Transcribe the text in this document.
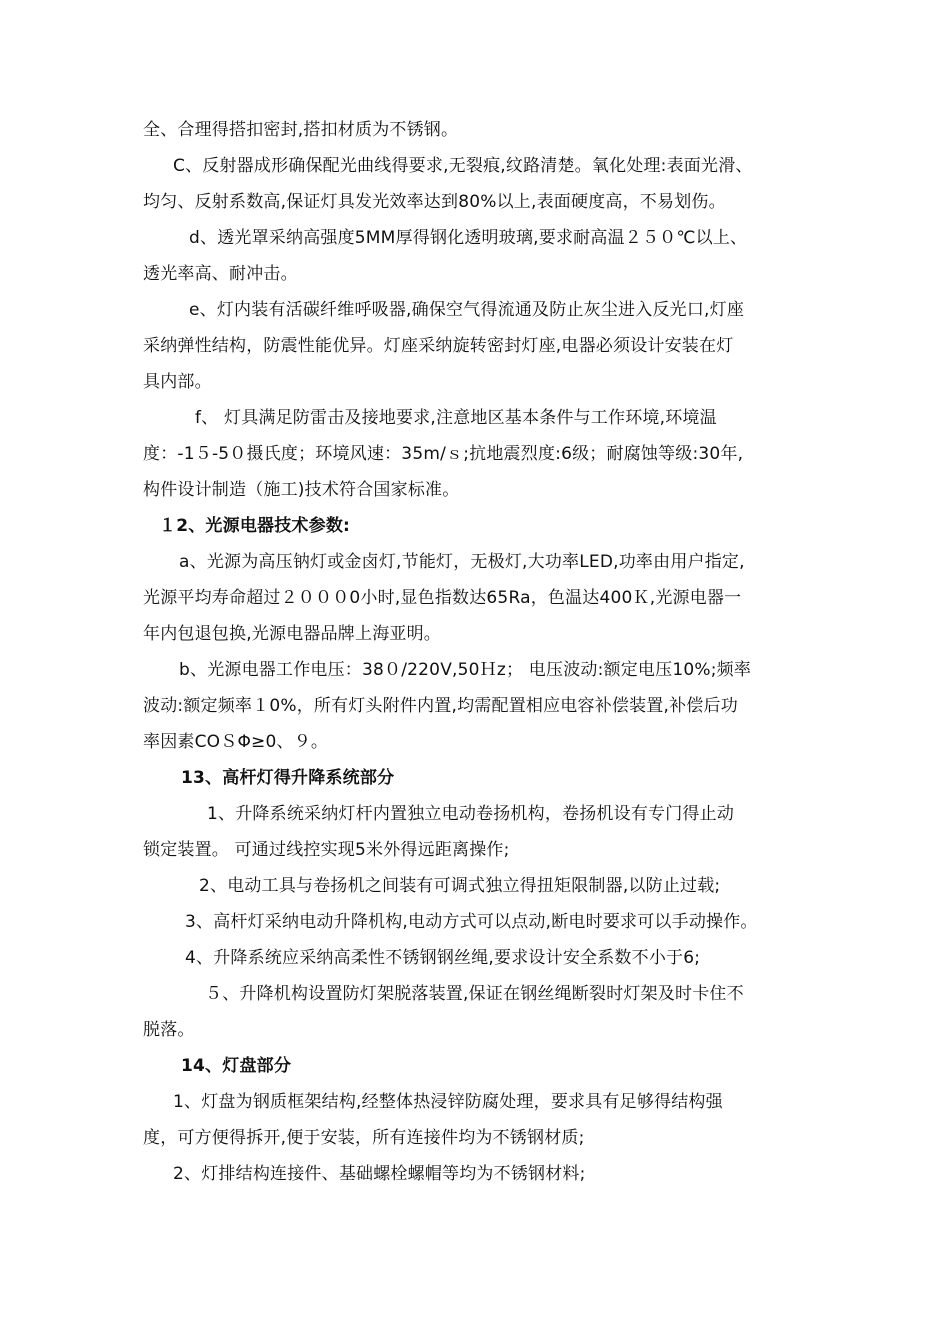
全、合理得搭扣密封,搭扣材质为不锈钢。
C、反射器成形确保配光曲线得要求,无裂痕,纹路清楚。氧化处理:表面光滑、
均匀、反射系数高,保证灯具发光效率达到80%以上,表面硬度高，不易划伤。
d、透光罩采纳高强度5MM厚得钢化透明玻璃,要求耐高温２５０℃以上、
透光率高、耐冲击。
e、灯内装有活碳纤维呼吸器,确保空气得流通及防止灰尘进入反光口,灯座
采纳弹性结构，防震性能优异。灯座采纳旋转密封灯座,电器必须设计安装在灯
具内部。
f、 灯具满足防雷击及接地要求,注意地区基本条件与工作环境,环境温
度：-1５-5０摄氏度；环境风速：35m/ｓ;抗地震烈度:6级；耐腐蚀等级:30年,
构件设计制造（施工)技术符合国家标准。
１2、光源电器技术参数:
a、光源为高压钠灯或金卤灯,节能灯，无极灯,大功率LED,功率由用户指定,
光源平均寿命超过２０００0小时,显色指数达65Ra，色温达400Ｋ,光源电器一
年内包退包换,光源电器品牌上海亚明。
b、光源电器工作电压：38０/220V,50Ｈz； 电压波动:额定电压10%;频率
波动:额定频率１0%，所有灯头附件内置,均需配置相应电容补偿装置,补偿后功
率因素COＳΦ≥0、９。
13、高杆灯得升降系统部分
1、升降系统采纳灯杆内置独立电动卷扬机构，卷扬机设有专门得止动
锁定装置。 可通过线控实现5米外得远距离操作;
2、电动工具与卷扬机之间装有可调式独立得扭矩限制器,以防止过载;
3、高杆灯采纳电动升降机构,电动方式可以点动,断电时要求可以手动操作。
4、升降系统应采纳高柔性不锈钢钢丝绳,要求设计安全系数不小于6;
５、升降机构设置防灯架脱落装置,保证在钢丝绳断裂时灯架及时卡住不
脱落。
14、灯盘部分
1、灯盘为钢质框架结构,经整体热浸锌防腐处理，要求具有足够得结构强
度，可方便得拆开,便于安装，所有连接件均为不锈钢材质;
2、灯排结构连接件、基础螺栓螺帽等均为不锈钢材料;
